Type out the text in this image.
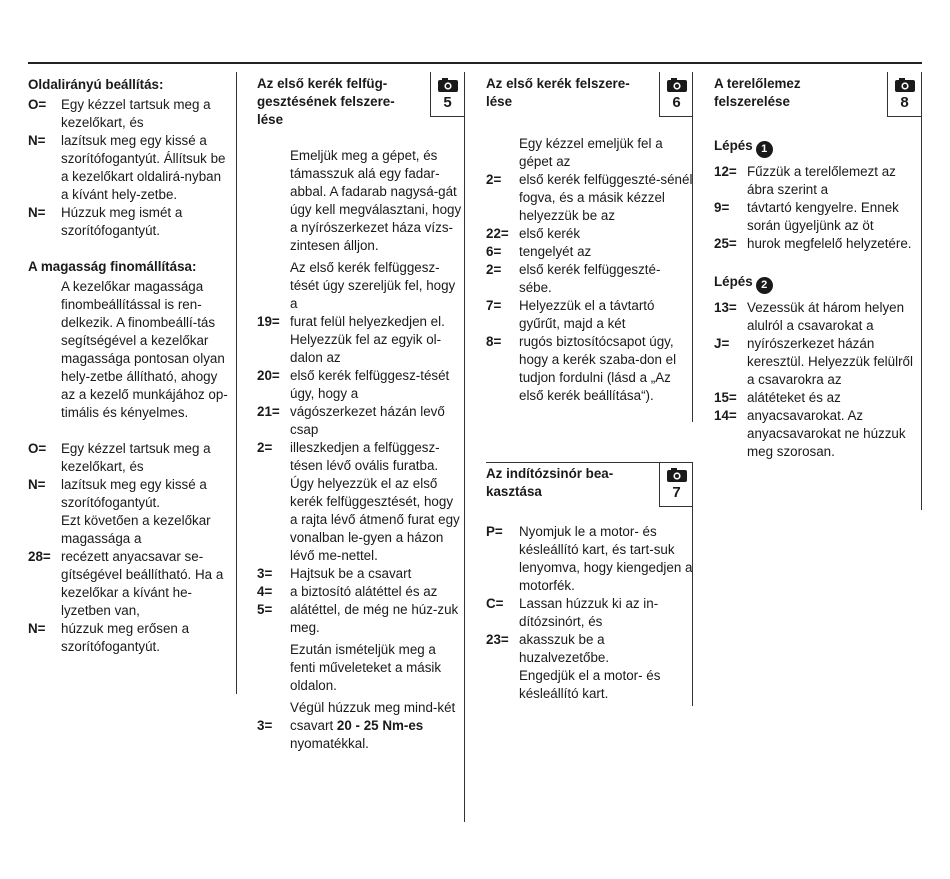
Oldalirányú beállítás:
O= Egy kézzel tartsuk meg a kezelőkart, és
N= lazítsuk meg egy kissé a szorítófogantyút. Állítsuk be a kezelőkart oldalirá-nyban a kívánt hely-zetbe.
N= Húzzuk meg ismét a szorítófogantyút.
A magasság finomállítása:
A kezelőkar magassága finombeállítással is ren-delkezik. A finombeállí-tás segítségével a kezelőkar magassága pontosan olyan hely-zetbe állítható, ahogy az a kezelő munkájához op-timális és kényelmes.
O= Egy kézzel tartsuk meg a kezelőkart, és
N= lazítsuk meg egy kissé a szorítófogantyút.
Ezt követően a kezelőkar magassága a
28= recézett anyacsavar se-gítségével beállítható. Ha a kezelőkar a kívánt he-lyzetben van,
N= húzzuk meg erősen a szorítófogantyút.
5
Az első kerék felfüg-gesztésének felszere-lése
Emeljük meg a gépet, és támasszuk alá egy fadar-abbal. A fadarab nagysá-gát úgy kell megválasztani, hogy a nyírószerkezet háza vízs-zintesen álljon.
Az első kerék felfüggesz-tését úgy szereljük fel, hogy a
19= furat felül helyezkedjen el.
Helyezzük fel az egyik ol-dalon az
20= első kerék felfüggesz-tését úgy, hogy a
21= vágószerkezet házán levő csap
2= illeszkedjen a felfüggesz-tésen lévő ovális furatba. Úgy helyezzük el az első kerék felfüggesztését, hogy a rajta lévő átmenő furat egy vonalban le-gyen a házon lévő me-nettel.
3= Hajtsuk be a csavart
4= a biztosító alátéttel és az
5= alátéttel, de még ne húz-zuk meg.
Ezután ismételjük meg a fenti műveleteket a másik oldalon.
Végül húzzuk meg mind-két
3= csavart 20 - 25 Nm-es nyomatékkal.
6
Az első kerék felszere-lése
Egy kézzel emeljük fel a gépet az
2= első kerék felfüggeszté-sénél fogva, és a másik kézzel helyezzük be az
22= első kerék
6= tengelyét az
2= első kerék felfüggeszté-sébe.
7= Helyezzük el a távtartó gyűrűt, majd a két
8= rugós biztosítócsapot úgy, hogy a kerék szaba-don el tudjon fordulni (lásd a „Az első kerék beállítása“).
7
Az indítózsinór bea-kasztása
P= Nyomjuk le a motor- és késleállító kart, és tart-suk lenyomva, hogy kiengedjen a motorfék.
C= Lassan húzzuk ki az in-dítózsinórt, és
23= akasszuk be a huzalvezetőbe.
Engedjük el a motor- és késleállító kart.
8
A terelőlemez felszerelése
Lépés 1
12= Fűzzük a terelőlemezt az ábra szerint a
9= távtartó kengyelre. Ennek során ügyeljünk az öt
25= hurok megfelelő helyzetére.
Lépés 2
13= Vezessük át három helyen alulról a csavarokat a
J= nyírószerkezet házán keresztül. Helyezzük felülről a csavarokra az
15= alátéteket és az
14= anyacsavarokat. Az anyacsavarokat ne húzzuk meg szorosan.
